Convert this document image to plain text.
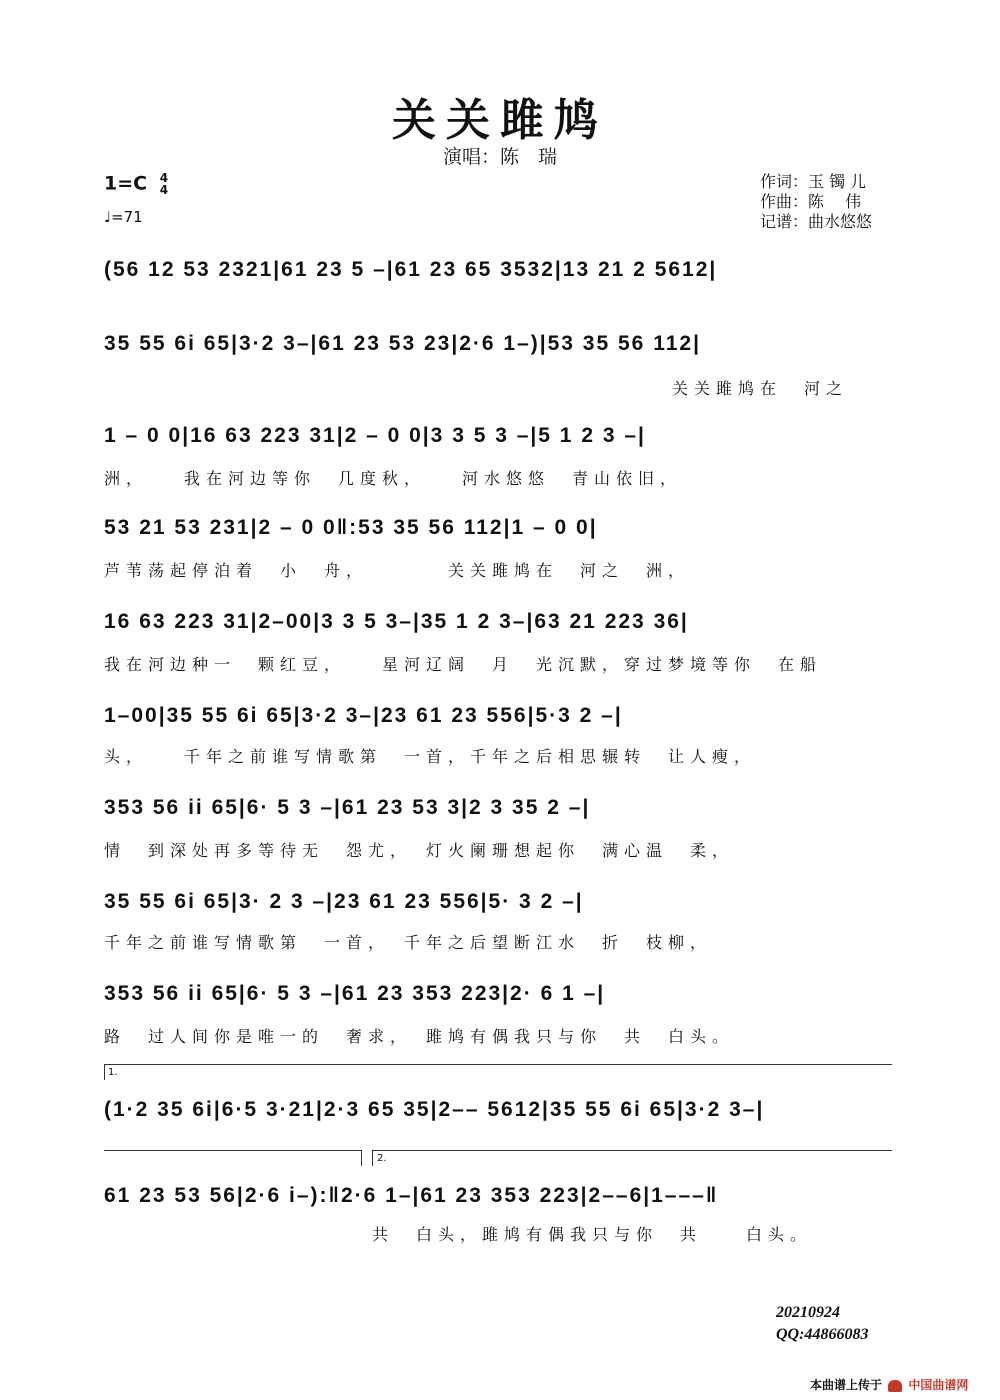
关关雎鸠
演唱：陈　瑞
1=C 4
4
♩=71
作词：玉 镯 儿
作曲：陈 　伟
记谱：曲水悠悠
(56 12 53 2321|61 23 5 –|61 23 65 3532|13 21 2 5612|
35 55 6i 65|3·2 3–|61 23 53 23|2·6 1–)|53 35 56 112|
关关雎鸠在　河之
1 – 0 0|16 63 223 31|2 – 0 0|3 3 5 3 –|5 1 2 3 –|
洲，　　我在河边等你　几度秋，　　河水悠悠　青山依旧，
53 21 53 231|2 – 0 0‖:53 35 56 112|1 – 0 0|
芦苇荡起停泊着　小　舟，　　　　关关雎鸠在　河之　洲，
16 63 223 31|2–00|3 3 5 3–|35 1 2 3–|63 21 223 36|
我在河边种一　颗红豆，　　星河辽阔　月　光沉默，穿过梦境等你　在船
1–00|35 55 6i 65|3·2 3–|23 61 23 556|5·3 2 –|
头，　　千年之前谁写情歌第　一首，千年之后相思辗转　让人瘦，
353 56 ii 65|6· 5 3 –|61 23 53 3|2 3 35 2 –|
情　到深处再多等待无　怨尤，　灯火阑珊想起你　满心温　柔，
35 55 6i 65|3· 2 3 –|23 61 23 556|5· 3 2 –|
千年之前谁写情歌第　一首，　千年之后望断江水　折　枝柳，
353 56 ii 65|6· 5 3 –|61 23 353 223|2· 6 1 –|
路　过人间你是唯一的　奢求，　雎鸠有偶我只与你　共　白头。
1.
(1·2 35 6i|6·5 3·21|2·3 65 35|2–– 5612|35 55 6i 65|3·2 3–|
2.
61 23 53 56|2·6 i–):‖2·6 1–|61 23 353 223|2––6|1–––‖
共　白头，雎鸠有偶我只与你　共　　白头。
20210924
QQ:44866083
本曲谱上传于 中国曲谱网
